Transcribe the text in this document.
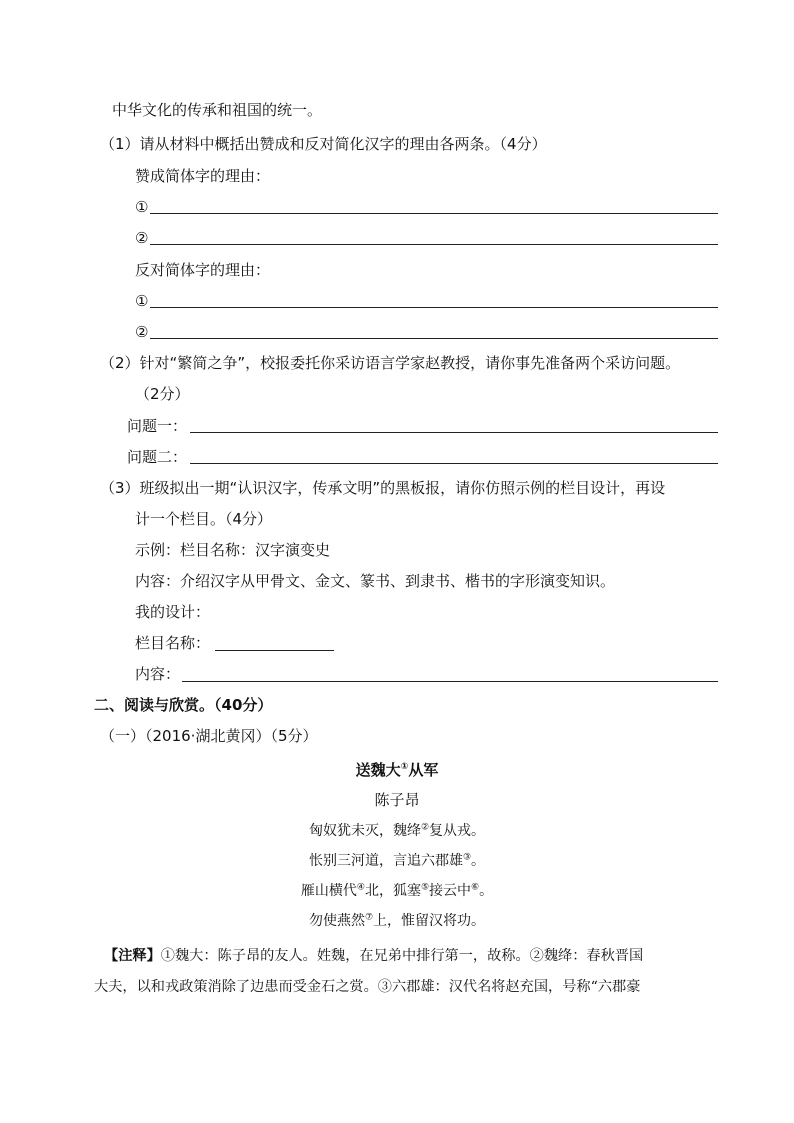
中华文化的传承和祖国的统一。
（1）请从材料中概括出赞成和反对简化汉字的理由各两条。（4分）
赞成简体字的理由：
①
②
反对简体字的理由：
①
②
（2）针对“繁简之争”，校报委托你采访语言学家赵教授，请你事先准备两个采访问题。
（2分）
问题一：
问题二：
（3）班级拟出一期“认识汉字，传承文明”的黑板报，请你仿照示例的栏目设计，再设
计一个栏目。（4分）
示例：栏目名称：汉字演变史
内容：介绍汉字从甲骨文、金文、篆书、到隶书、楷书的字形演变知识。
我的设计：
栏目名称：
内容：
二、阅读与欣赏。（40分）
（一）（2016·湖北黄冈）（5分）
送魏大①从军
陈子昂
匈奴犹未灭，魏绛②复从戎。
怅别三河道，言追六郡雄③。
雁山横代④北，狐塞⑤接云中⑥。
勿使燕然⑦上，惟留汉将功。
【注释】①魏大：陈子昂的友人。姓魏，在兄弟中排行第一，故称。②魏绛：春秋晋国
大夫，以和戎政策消除了边患而受金石之赏。③六郡雄：汉代名将赵充国，号称“六郡豪
